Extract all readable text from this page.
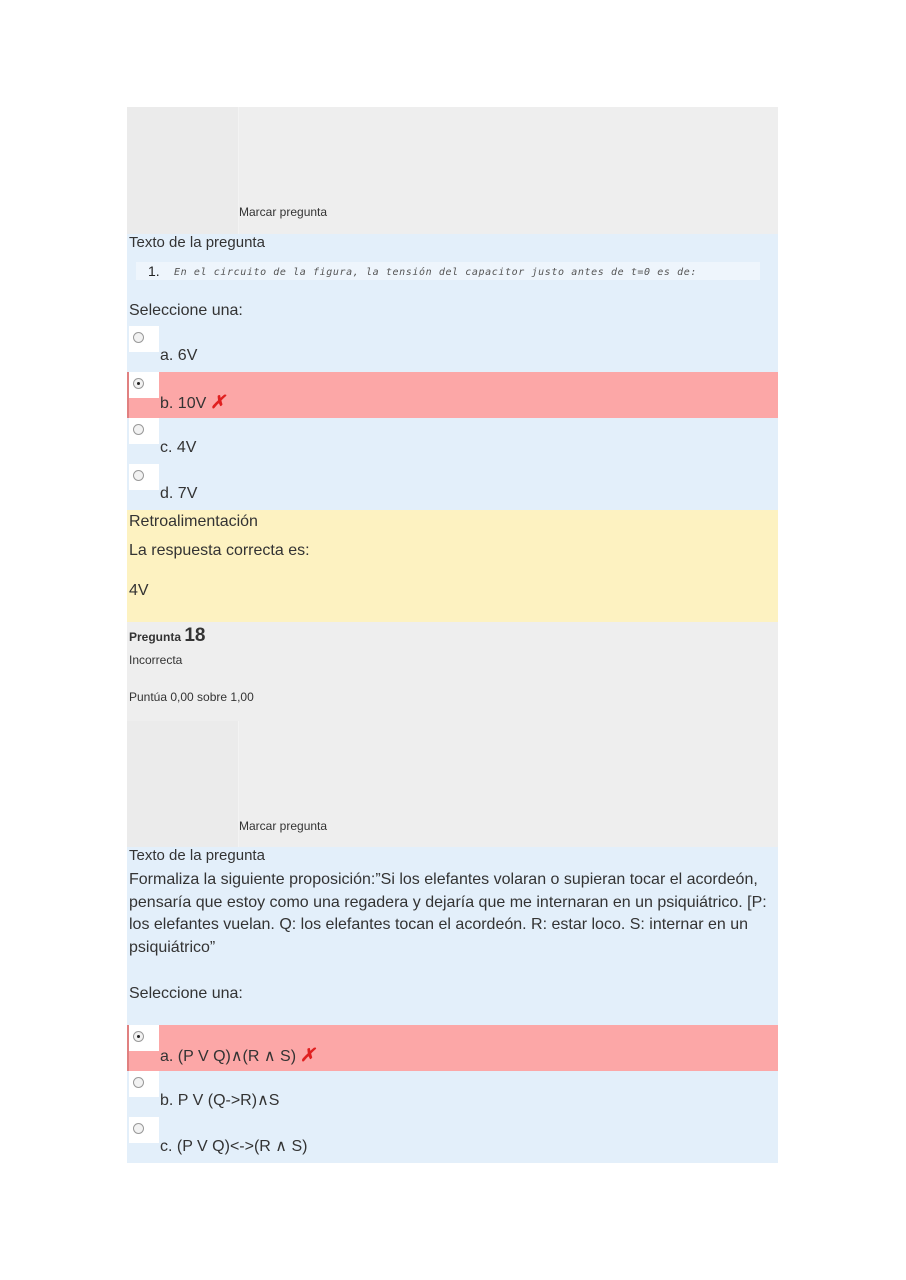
Marcar pregunta
Texto de la pregunta
1. En el circuito de la figura, la tensión del capacitor justo antes de t=0 es de:
Seleccione una:
a. 6V
b. 10V ✗
c. 4V
d. 7V
Retroalimentación
La respuesta correcta es:
4V
Pregunta 18
Incorrecta
Puntúa 0,00 sobre 1,00
Marcar pregunta
Texto de la pregunta
Formaliza la siguiente proposición:”Si los elefantes volaran o supieran tocar el acordeón, pensaría que estoy como una regadera y dejaría que me internaran en un psiquiátrico. [P: los elefantes vuelan. Q: los elefantes tocan el acordeón. R: estar loco. S: internar en un psiquiátrico”
Seleccione una:
a. (P V Q)∧(R ∧ S) ✗
b. P V (Q->R)∧S
c. (P V Q)<->(R ∧ S)
